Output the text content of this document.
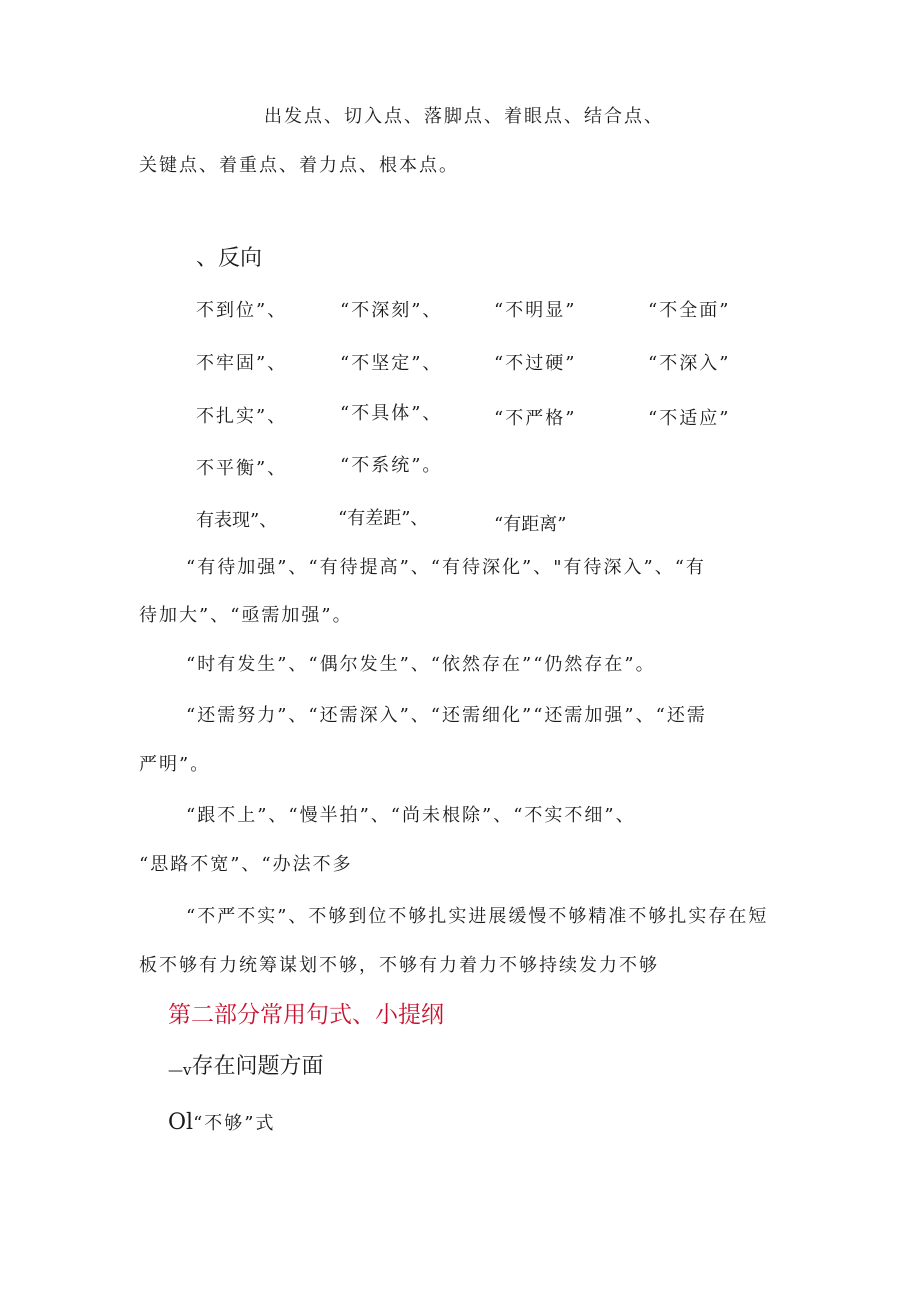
出发点、切入点、落脚点、着眼点、结合点、
关键点、着重点、着力点、根本点。
、反向
不到位”、	“不深刻”、	“不明显”	“不全面”
不牢固”、	“不坚定”、	“不过硬”	“不深入”
不扎实”、	“不具体”、	“不严格”	“不适应”
不平衡”、	“不系统”。
有表现”、	“有差距”、	“有距离”
“有待加强”、“有待提高”、“有待深化”、"有待深入”、“有
待加大”、“亟需加强”。
“时有发生”、“偶尔发生”、“依然存在”“仍然存在”。
“还需努力”、“还需深入”、“还需细化”“还需加强”、“还需
严明”。
“跟不上”、“慢半拍”、“尚未根除”、“不实不细”、
“思路不宽”、“办法不多
“不严不实”、不够到位不够扎实进展缓慢不够精准不够扎实存在短
板不够有力统筹谋划不够，不够有力着力不够持续发力不够
第二部分常用句式、小提纲
—v存在问题方面
Ol“不够”式
